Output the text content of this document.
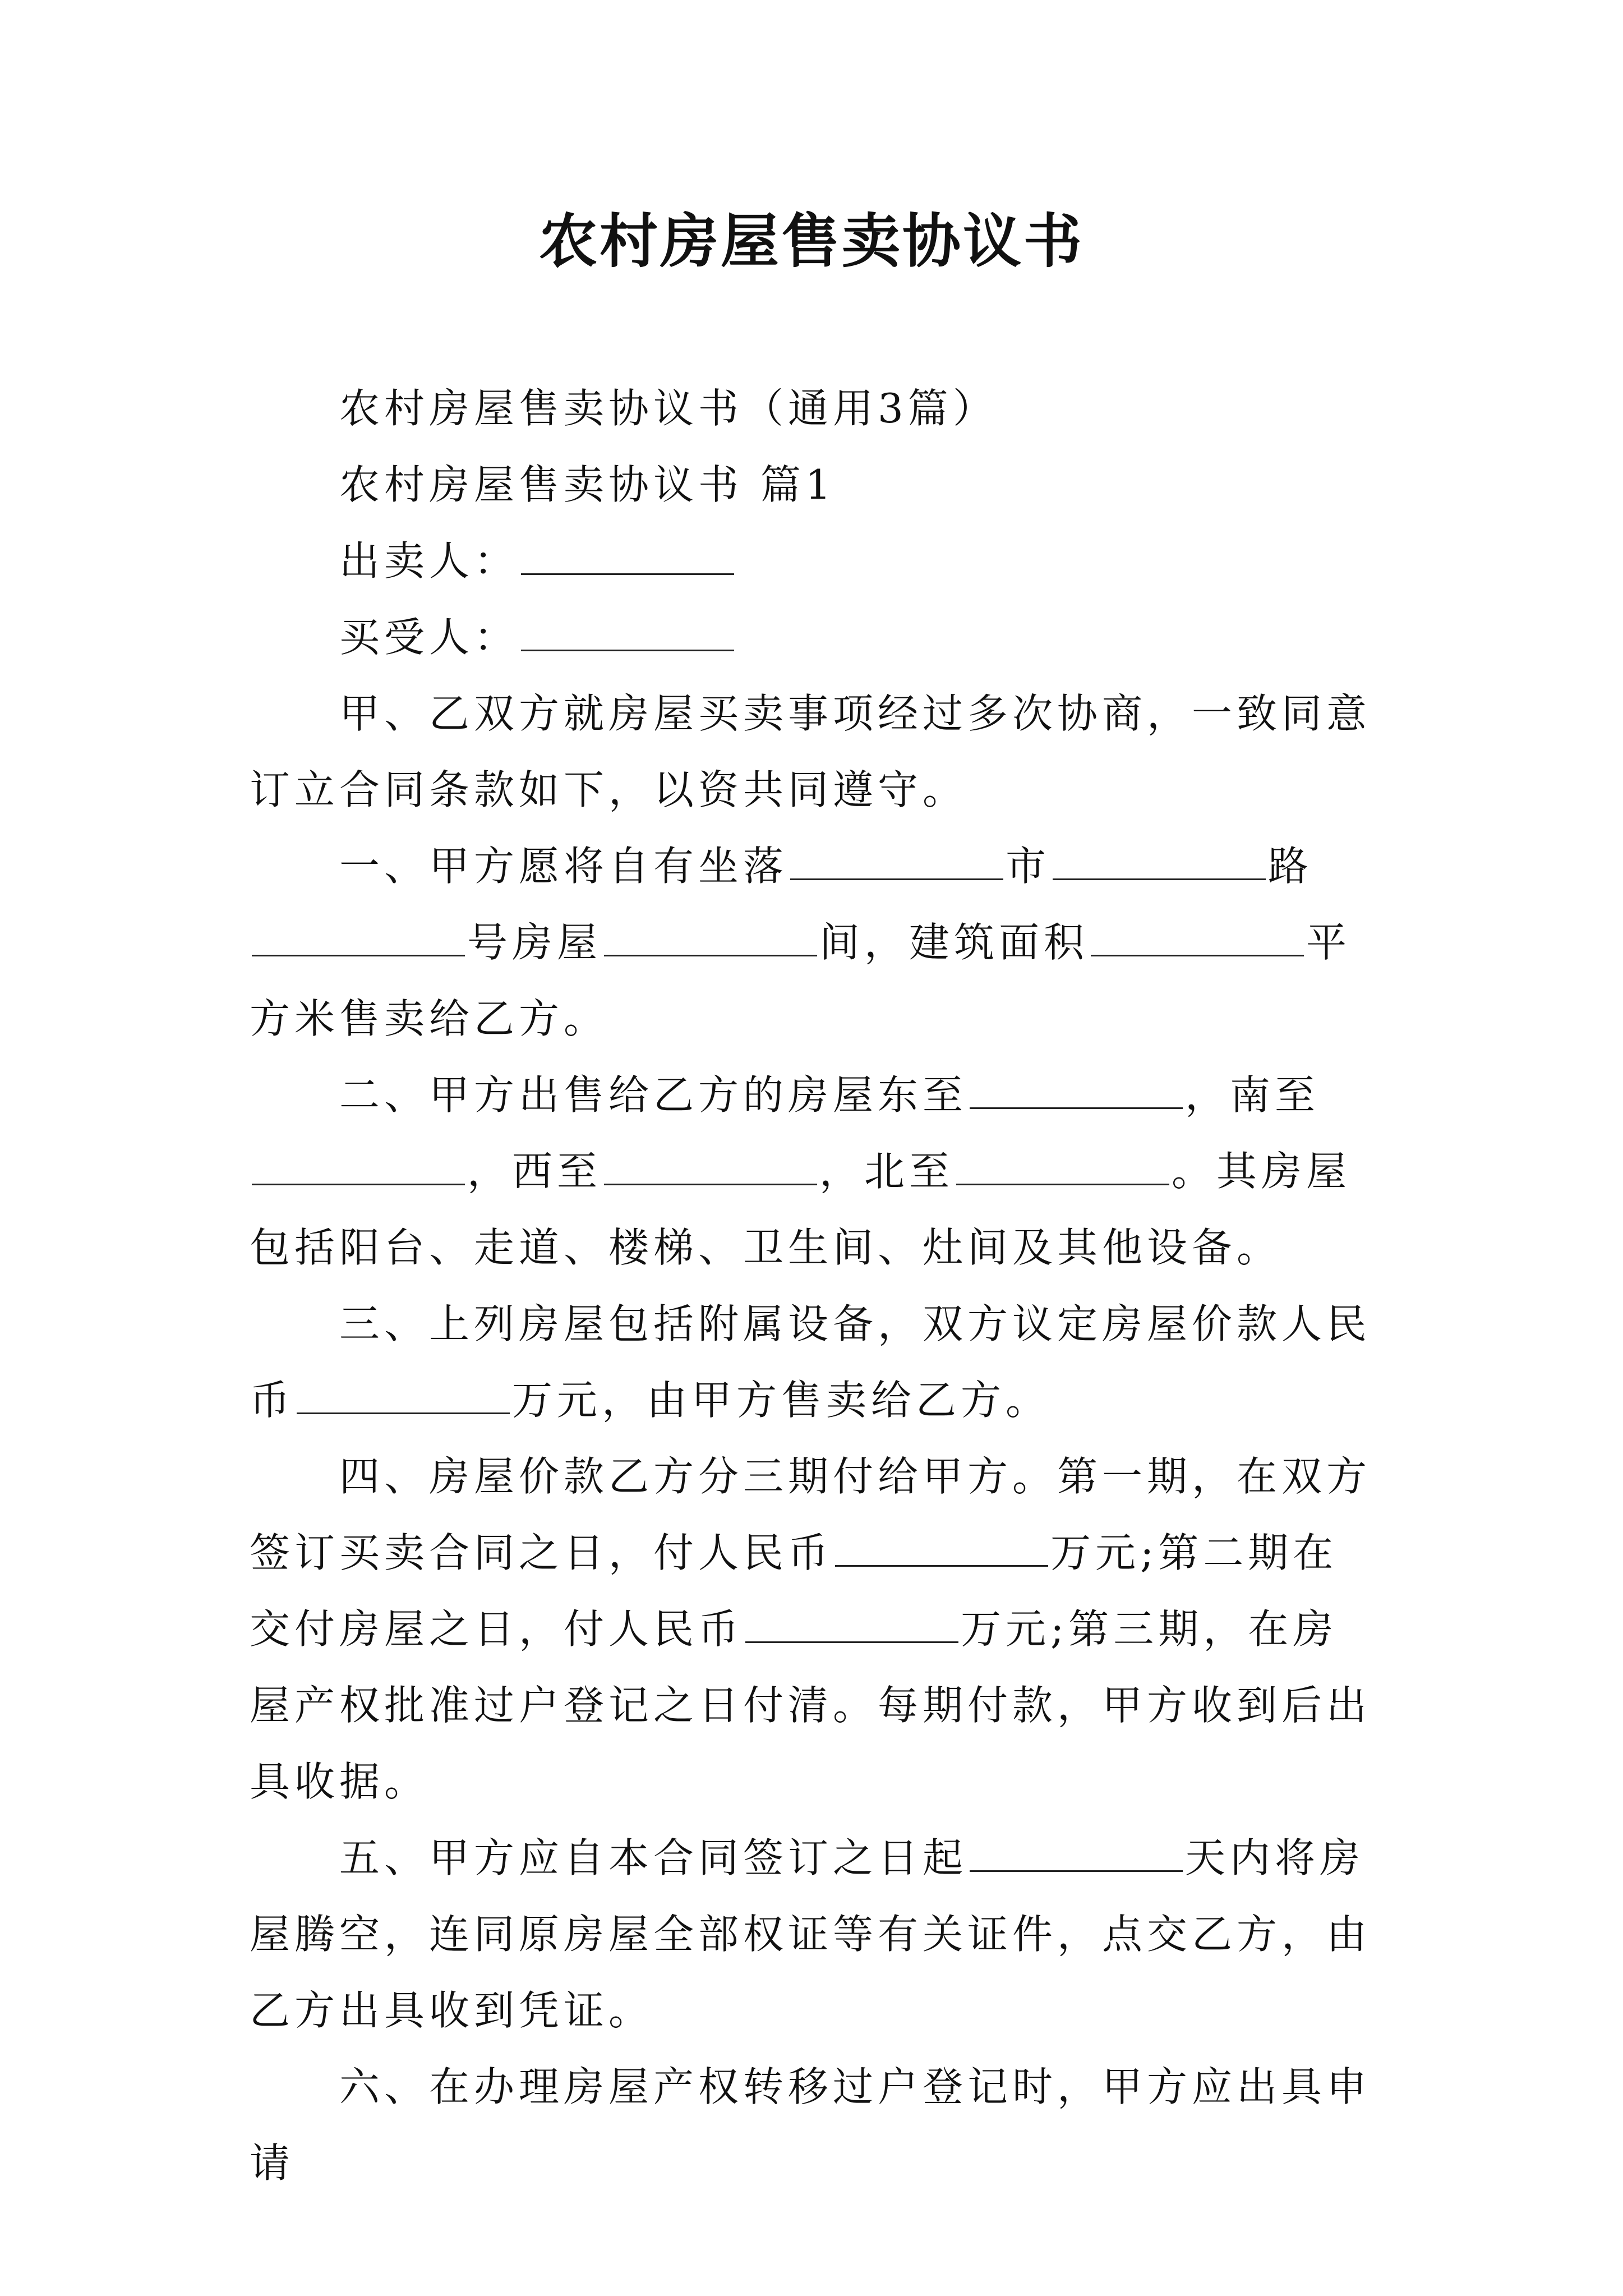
农村房屋售卖协议书

农村房屋售卖协议书（通用3篇）

农村房屋售卖协议书 篇1

出卖人：

买受人：

甲、乙双方就房屋买卖事项经过多次协商，一致同意订立合同条款如下，以资共同遵守。

一、甲方愿将自有坐落	市	路号房屋	间，建筑面积	平方米售卖给乙方。

二、甲方出售给乙方的房屋东至	，南至，西至	，北至	。其房屋包括阳台、走道、楼梯、卫生间、灶间及其他设备。

三、上列房屋包括附属设备，双方议定房屋价款人民币	万元，由甲方售卖给乙方。

四、房屋价款乙方分三期付给甲方。第一期，在双方签订买卖合同之日，付人民币	万元;第二期在交付房屋之日，付人民币	万元;第三期，在房屋产权批准过户登记之日付清。每期付款，甲方收到后出具收据。

五、甲方应自本合同签订之日起	天内将房屋腾空，连同原房屋全部权证等有关证件，点交乙方，由乙方出具收到凭证。

六、在办理房屋产权转移过户登记时，甲方应出具申请
